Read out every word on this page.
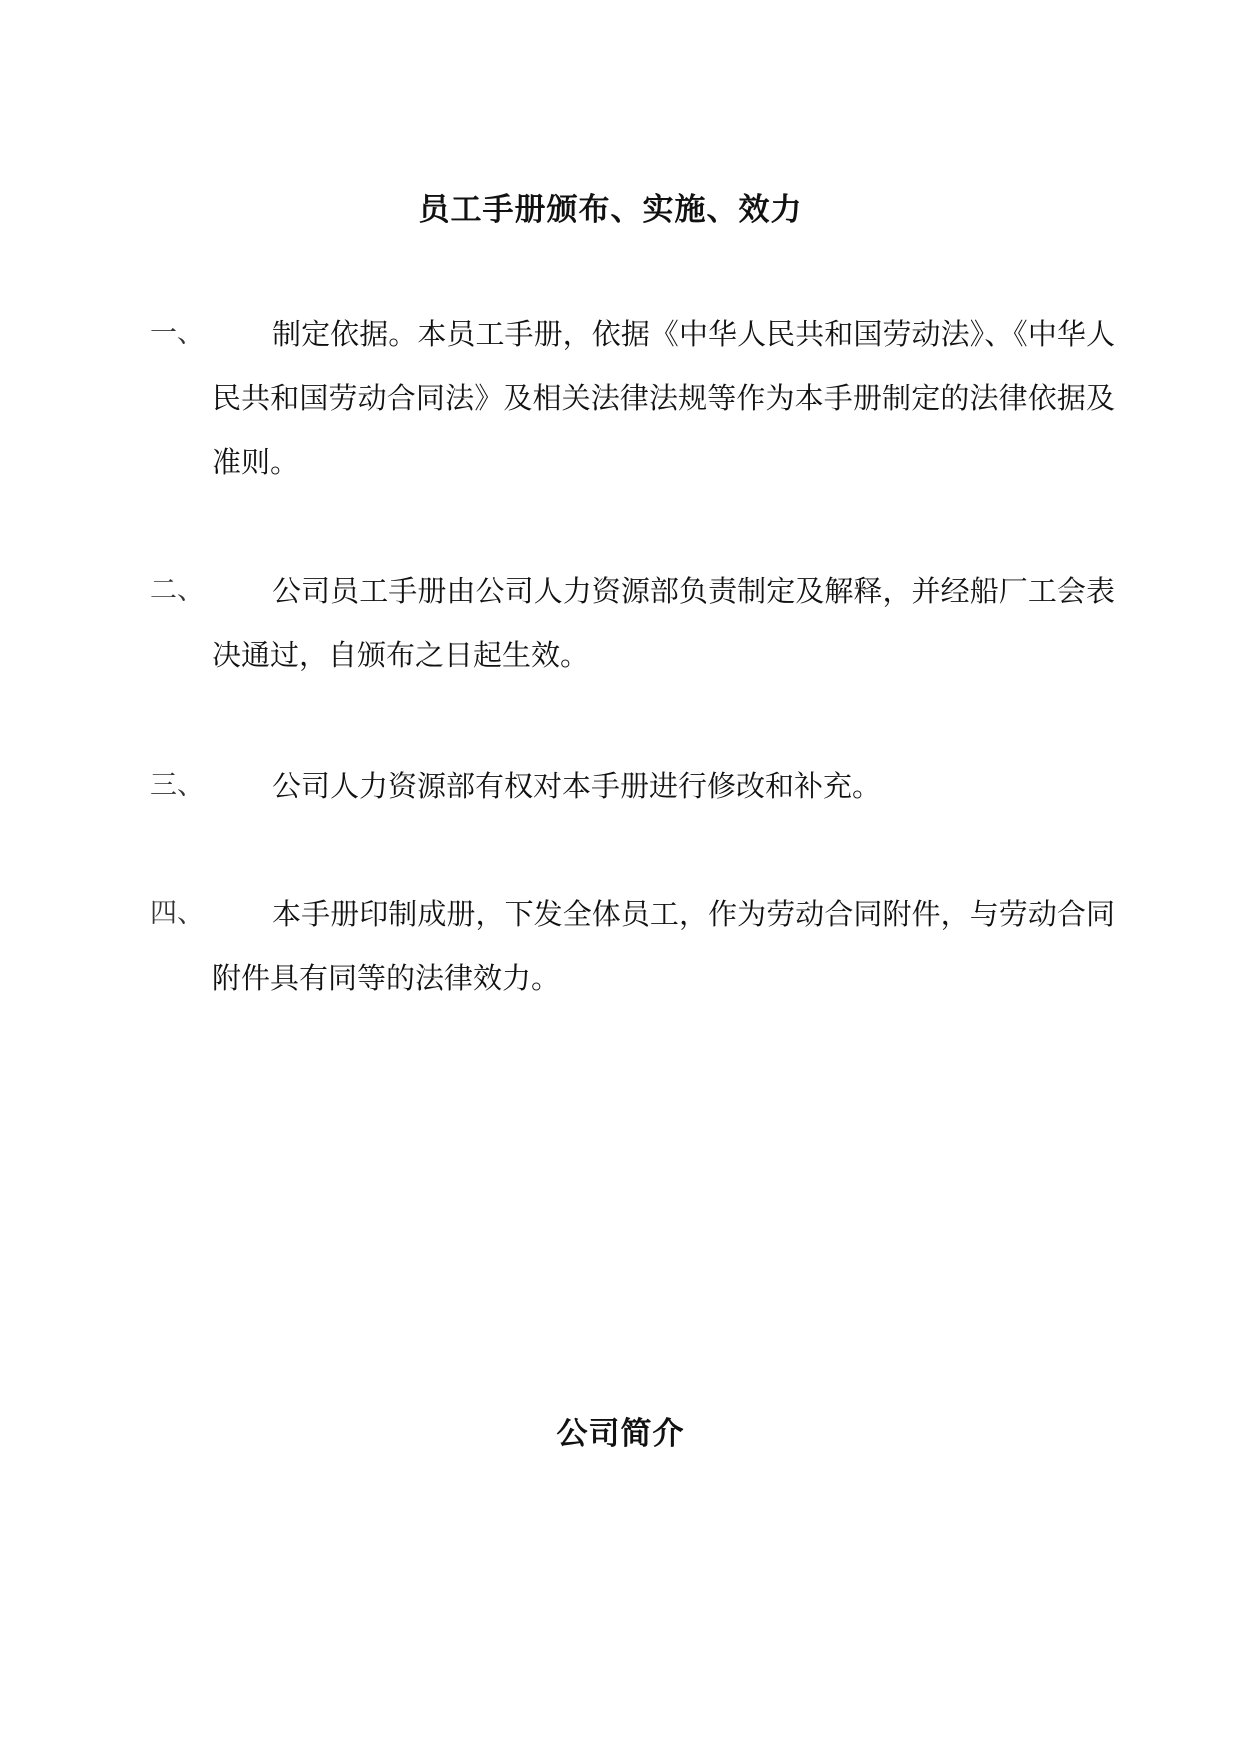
员工手册颁布、实施、效力
一、	制定依据。本员工手册，依据《中华人民共和国劳动法》、《中华人民共和国劳动合同法》及相关法律法规等作为本手册制定的法律依据及准则。

二、	公司员工手册由公司人力资源部负责制定及解释，并经船厂工会表决通过，自颁布之日起生效。

三、	公司人力资源部有权对本手册进行修改和补充。

四、	本手册印制成册，下发全体员工，作为劳动合同附件，与劳动合同附件具有同等的法律效力。

公司简介
